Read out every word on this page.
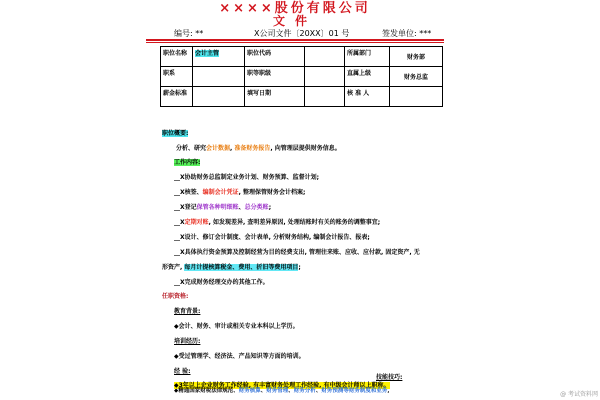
××××股份有限公司
文件
编号: **	X公司文件〔20XX〕01 号	签发单位: ***
职位名称	会计主管	职位代码		所属部门	财务部
职系		职等职级		直属上级	财务总监
薪金标准		填写日期		核 准 人	
职位概要:
分析、研究会计数据, 准备财务报告, 向管理层提供财务信息。
工作内容:
__X协助财务总监制定业务计划、财务预算、监督计划;
__X核签、编制会计凭证, 整理保管财务会计档案;
__X登记保管各种明细账、总分类账;
__X定期对账, 如发现差异, 查明差异原因, 处理结账时有关的账务的调整事宜;
__X设计、修订会计制度、会计表单, 分析财务结构, 编制会计报告、报表;
__X具体执行资金预算及控制经营为目的经费支出, 管理往来账、应收、应付款, 固定资产, 无
形资产, 每月计提核算税金、费用、折旧等费用项目;
__X完成财务经理交办的其他工作。
任职资格:
教育背景:
◆会计、财务、审计或相关专业本科以上学历。
培训经历:
◆受过管理学、经济法、产品知识等方面的培训。
经 验:
◆3年以上企业财务工作经验, 有丰富财务处理工作经验, 有中级会计师以上职称。
技能技巧:
◆精通国家财税法律规范、财务核算、财务管理、财务分析、财务预测等财务制度和业务,	@ 考试资料网
